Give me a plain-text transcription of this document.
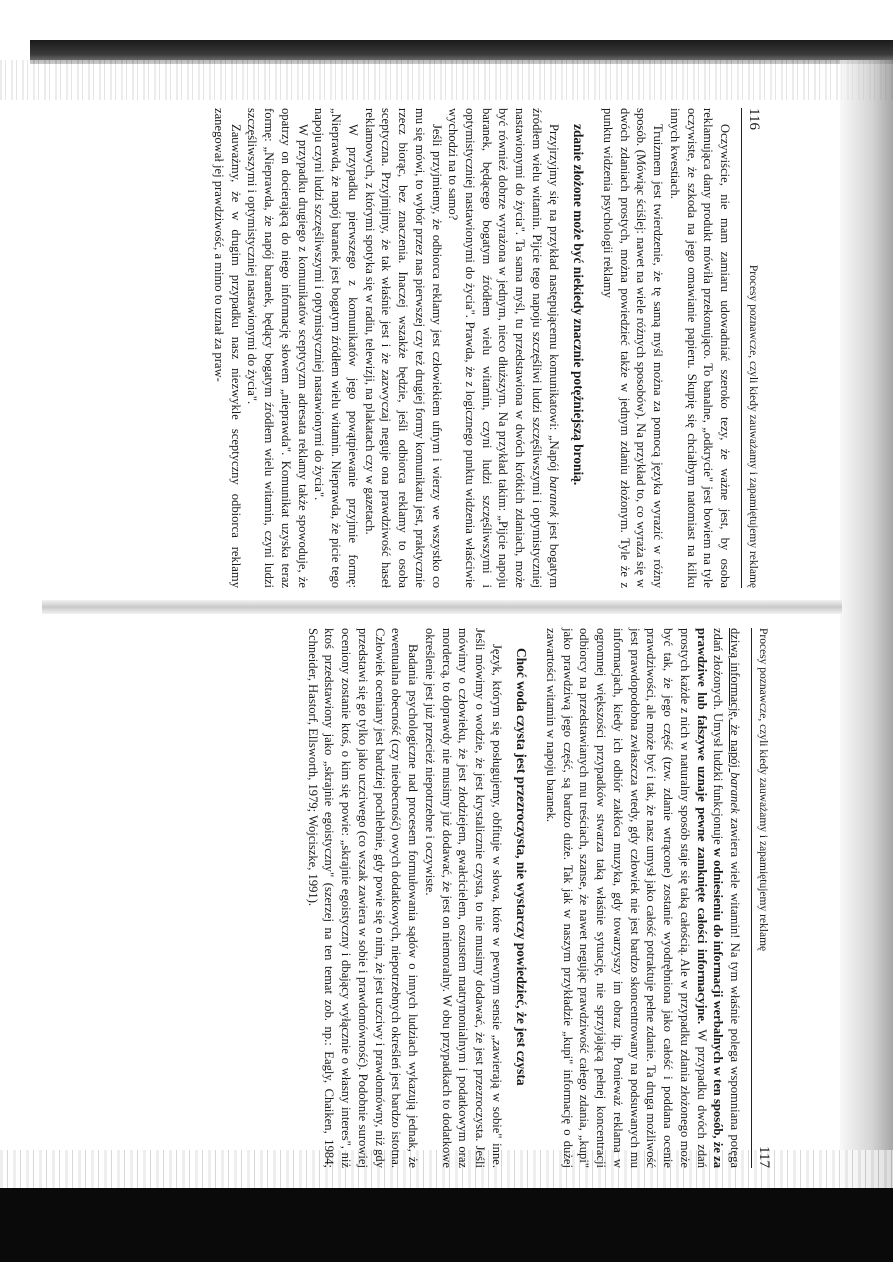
116
Procesy poznawcze, czyli kiedy zauważamy i zapamiętujemy reklamę

Oczywiście, nie mam zamiaru udowadniać szeroko tezy, że ważne jest, by osoba reklamująca dany produkt mówiła przekonująco. To banalne, „odkrycie" jest bowiem na tyle oczywiste, że szkoda na jego omawianie papieru. Skupię się chciałbym natomiast na kilku innych kwestiach.

Truizmem jest twierdzenie, że tę samą myśl można za pomocą języka wyrazić w różny sposób. (Mówiąc ściślej: nawet na wiele różnych sposobów). Na przykład to, co wyraża się w dwóch zdaniach prostych, można powiedzieć także w jednym zdaniu złożonym. Tyle że z punktu widzenia psychologii reklamy

zdanie złożone może być niekiedy znacznie potężniejszą bronią.

Przyjrzyjmy się na przykład następującemu komunikatowi: „Napój baranek jest bogatym źródłem wielu witamin. Pijcie tego napoju szczęśliwi ludzi szczęśliwszymi i optymistyczniej nastawionymi do życia". Ta sama myśl, tu przedstawiona w dwóch krótkich zdaniach, może być również dobrze wyrażona w jednym, nieco dłuższym. Na przykład takim: „Pijcie napoju baranek, będącego bogatym źródłem wielu witamin, czyni ludzi szczęśliwszymi i optymistyczniej nastawionymi do życia". Prawda, że z logicznego punktu widzenia właściwie wychodzi na to samo?

Jeśli przyjmiemy, że odbiorca reklamy jest człowiekiem ufnym i wierzy we wszystko co mu się mówi, to wybór przez nas pierwszej czy też drugiej formy komunikatu jest, praktycznie rzecz biorąc, bez znaczenia. Inaczej wszakże będzie, jeśli odbiorca reklamy to osoba sceptyczna. Przyjmijmy, że tak właśnie jest i że zazwyczaj neguje ona prawdziwość haseł reklamowych, z którymi spotyka się w radiu, telewizji, na plakatach czy w gazetach.

W przypadku pierwszego z komunikatów jego powątpiewanie przyjmie formę: „Nieprawda, że napój baranek jest bogatym źródłem wielu witamin. Nieprawda, że picie tego napoju czyni ludzi szczęśliwszymi i optymistyczniej nastawionymi do życia".

W przypadku drugiego z komunikatów sceptycyzm adresata reklamy także spowoduje, że opatrzy on docierającą do niego informację słowem „nieprawda". Komunikat uzyska teraz formę: „Nieprawda, że napój baranek, będący bogatym źródłem wielu witamin, czyni ludzi szczęśliwszymi i optymistyczniej nastawionymi do życia".

Zauważmy, że w drugim przypadku nasz niezwykle sceptyczny odbiorca reklamy zanegował jej prawdziwość, a mimo to uznał za praw-

Procesy poznawcze, czyli kiedy zauważamy i zapamiętujemy reklamę
117

dziwą informację, że napój baranek zawiera wiele witamin! Na tym właśnie polega wspomniana potęga zdań złożonych. Umysł ludzki funkcjonuje w odniesieniu do informacji werbalnych w ten sposób, że za prawdziwe lub fałszywe uznaje pewne zamknięte całości informacyjne. W przypadku dwóch zdań prostych każde z nich w naturalny sposób staje się taką całością. Ale w przypadku zdania złożonego może być tak, że jego część (tzw. zdanie wtrącone) zostanie wyodrębniona jako całość i poddana ocenie prawdziwości, ale może być i tak, że nasz umysł jako całość potraktuje pełne zdanie. Ta druga możliwość jest prawdopodobna zwłaszcza wtedy, gdy człowiek nie jest bardzo skoncentrowany na podsuwanych mu informacjach, kiedy ich odbiór zakłóca muzyka, gdy towarzyszy im obraz itp. Ponieważ reklama w ogromnej większości przypadków stwarza taką właśnie sytuację, nie sprzyjającą pełnej koncentracji odbiorcy na przedstawianych mu treściach, szanse, że nawet negując prawdziwość całego zdania, „kupi" jako prawdziwą jego część, są bardzo duże. Tak jak w naszym przykładzie „kupi" informację o dużej zawartości witamin w napoju baranek.

Choć woda czysta jest przezroczysta, nie wystarczy powiedzieć, że jest czysta

Język, którym się posługujemy, obfituje w słowa, które w pewnym sensie „zawierają w sobie" inne. Jeśli mówimy o wodzie, że jest krystalicznie czysta, to nie musimy dodawać, że jest przezroczysta. Jeśli mówimy o człowieku, że jest złodziejem, gwałcicielem, oszustem matrymonialnym i podatkowym oraz mordercą, to doprawdy nie musimy już dodawać, że jest on niemoralny. W obu przypadkach to dodatkowe określenie jest już przecież niepotrzebne i oczywiste.

Badania psychologiczne nad procesem formułowania sądów o innych ludziach wykazują jednak, że ewentualna obecność (czy nieobecność) owych dodatkowych, niepotrzebnych określeń jest bardzo istotna. Człowiek oceniany jest bardziej pochlebnie, gdy powie się o nim, że jest uczciwy i prawdomówny, niż gdy przedstawi się go tylko jako uczciwego (co wszak zawiera w sobie i prawdomówność). Podobnie surowiej oceniony zostanie ktoś, o kim się powie: „skrajnie egoistyczny i dbający wyłącznie o własny interes", niż ktoś przedstawiony jako „skrajnie egoistyczny" (szerzej na ten temat zob. np.: Eagly, Chaiken, 1984; Schneider, Hastorf, Ellsworth, 1979; Wojciszke, 1991).
